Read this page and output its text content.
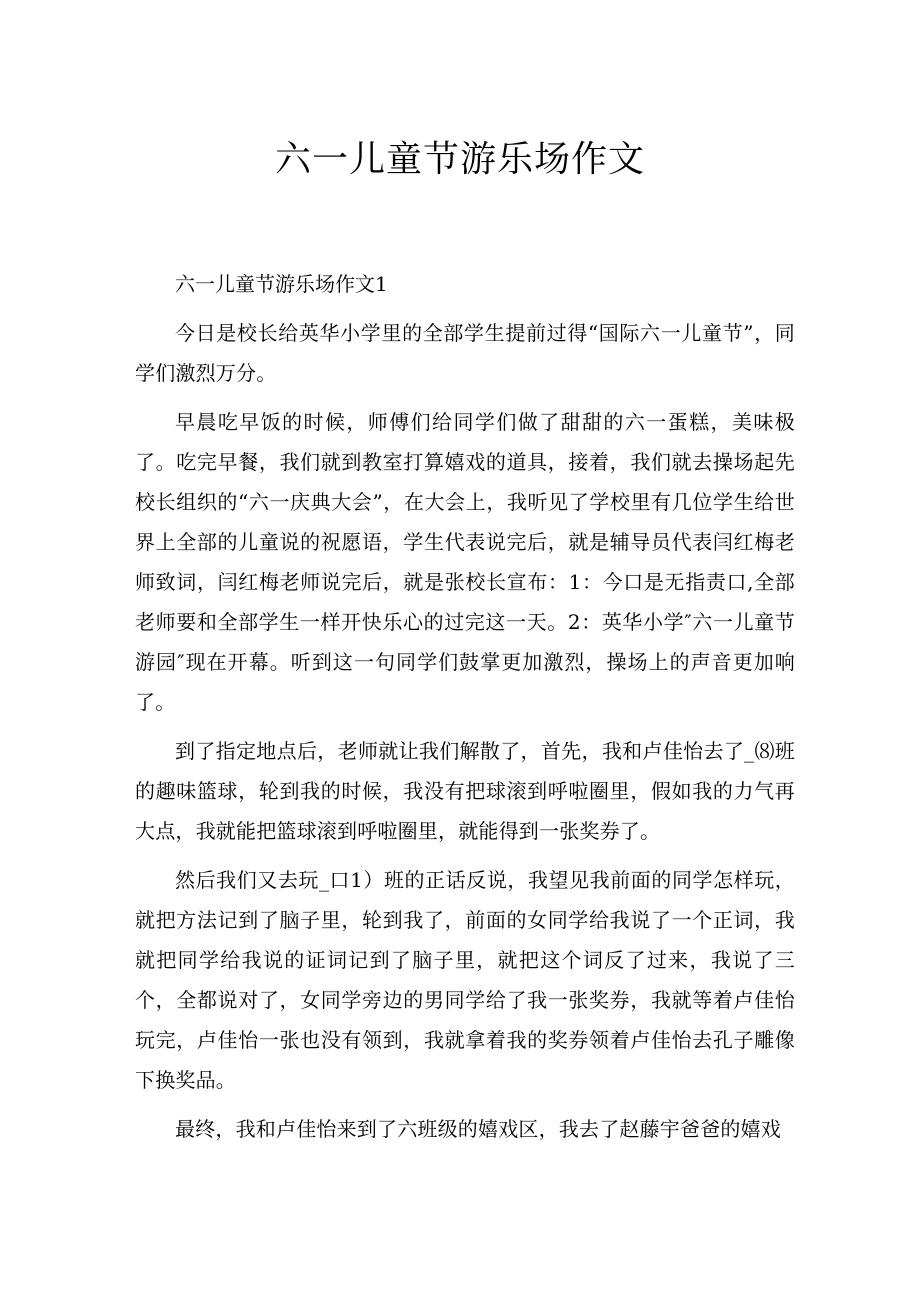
六一儿童节游乐场作文

六一儿童节游乐场作文1

今日是校长给英华小学里的全部学生提前过得“国际六一儿童节”，同学们激烈万分。

早晨吃早饭的时候，师傅们给同学们做了甜甜的六一蛋糕，美味极了。吃完早餐，我们就到教室打算嬉戏的道具，接着，我们就去操场起先校长组织的“六一庆典大会”，在大会上，我听见了学校里有几位学生给世界上全部的儿童说的祝愿语，学生代表说完后，就是辅导员代表闫红梅老师致词，闫红梅老师说完后，就是张校长宣布：1：今口是无指责口,全部老师要和全部学生一样开快乐心的过完这一天。2：英华小学″六一儿童节游园″现在开幕。听到这一句同学们鼓掌更加激烈，操场上的声音更加响了。

到了指定地点后，老师就让我们解散了，首先，我和卢佳怡去了_⑻班的趣味篮球，轮到我的时候，我没有把球滚到呼啦圈里，假如我的力气再大点，我就能把篮球滚到呼啦圈里，就能得到一张奖券了。

然后我们又去玩_口1）班的正话反说，我望见我前面的同学怎样玩，就把方法记到了脑子里，轮到我了，前面的女同学给我说了一个正词，我就把同学给我说的证词记到了脑子里，就把这个词反了过来，我说了三个，全都说对了，女同学旁边的男同学给了我一张奖券，我就等着卢佳怡玩完，卢佳怡一张也没有领到，我就拿着我的奖券领着卢佳怡去孔子雕像下换奖品。

最终，我和卢佳怡来到了六班级的嬉戏区，我去了赵藤宇爸爸的嬉戏
